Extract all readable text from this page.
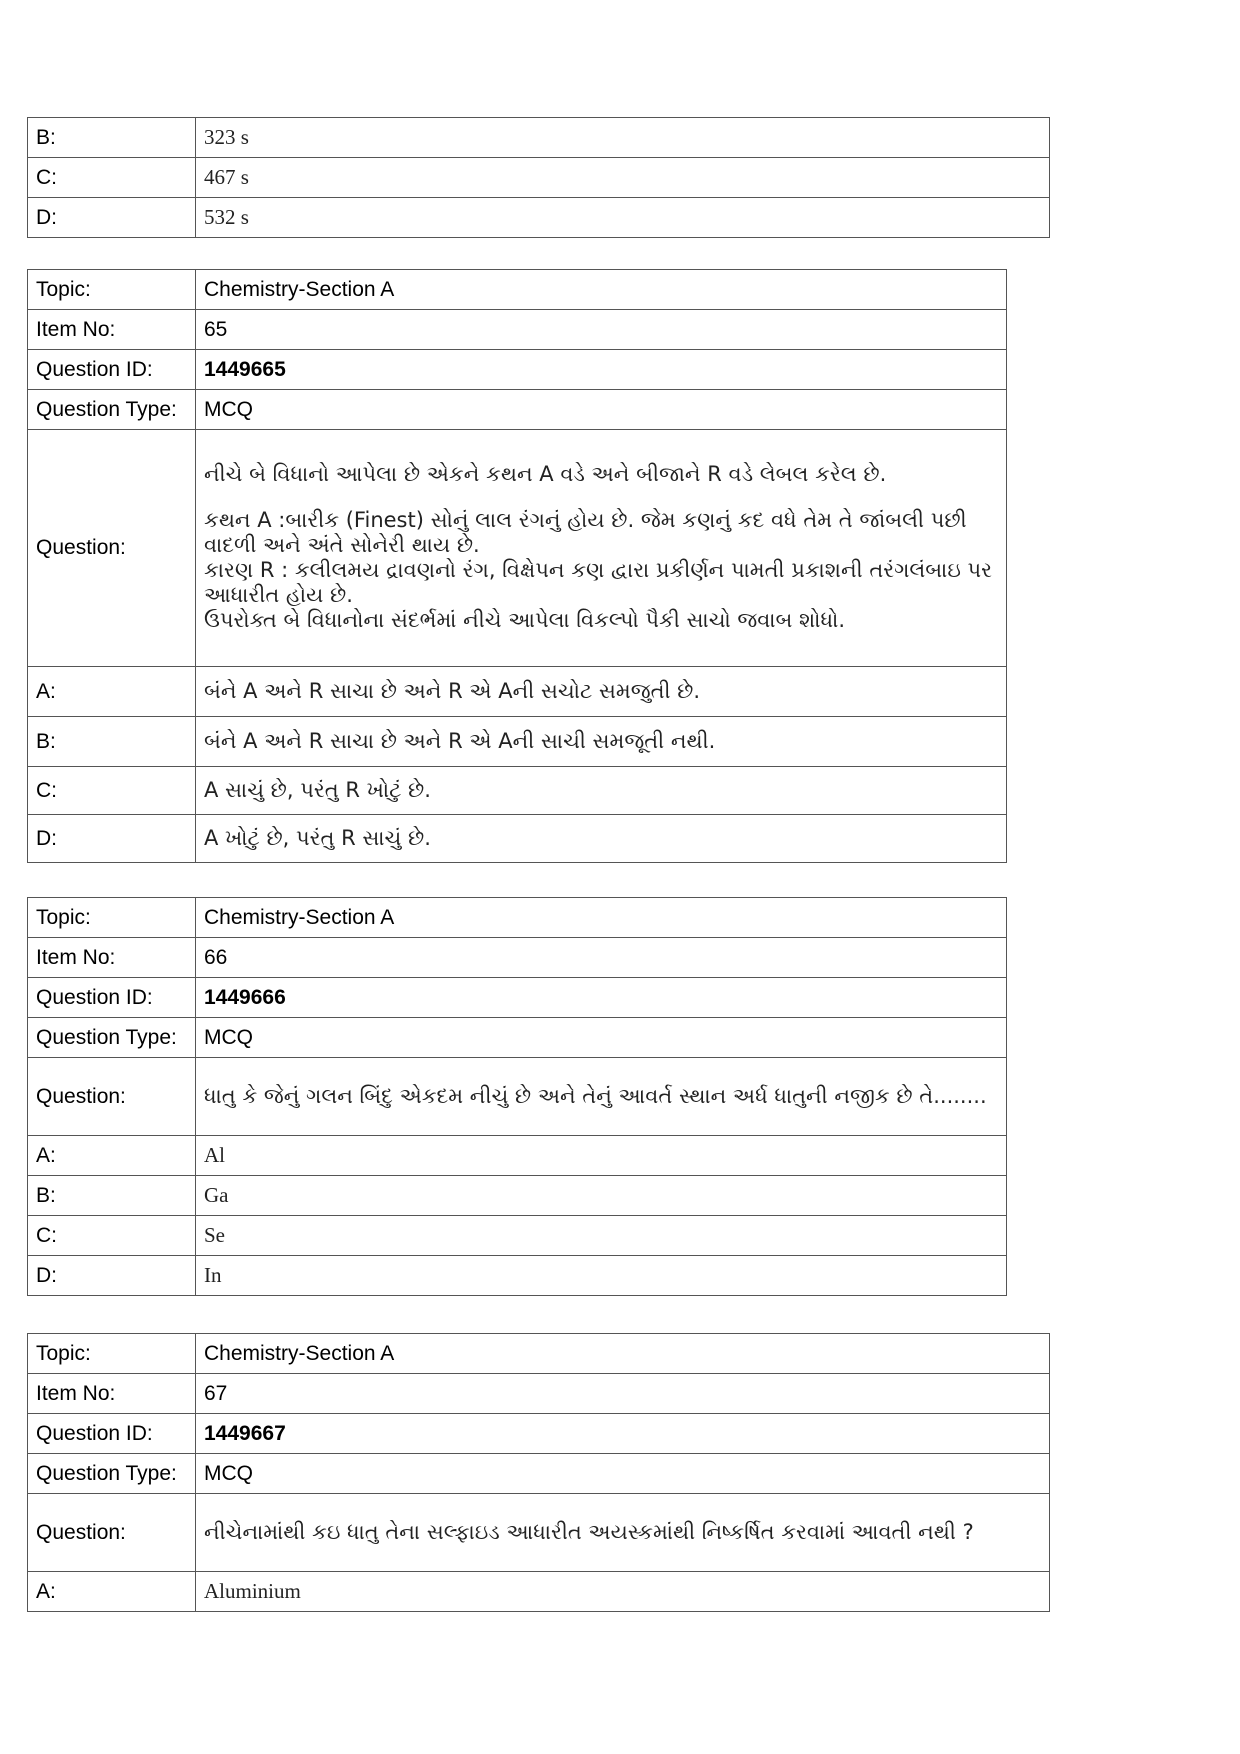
B:	323 s
C:	467 s
D:	532 s
Topic:	Chemistry-Section A
Item No:	65
Question ID:	1449665
Question Type:	MCQ
Question:	નીચે બે વિધાનો આપેલા છે એકને કથન A વડે અને બીજાને R વડે લેબલ કરેલ છે.

કથન A :બારીક (Finest) સોનું લાલ રંગનું હોય છે. જેમ કણનું કદ વધે તેમ તે જાંબલી પછી વાદળી અને અંતે સોનેરી થાય છે.

કારણ R : કલીલમય દ્રાવણનો રંગ, વિક્ષેપન કણ દ્વારા પ્રકીર્ણન પામતી પ્રકાશની તરંગલંબાઇ પર આધારીત હોય છે.

ઉપરોક્ત બે વિધાનોના સંદર્ભમાં નીચે આપેલા વિકલ્પો પૈકી સાચો જવાબ શોધો.

A:	બંને A અને R સાચા છે અને R એ Aની સચોટ સમજુતી છે.
B:	બંને A અને R સાચા છે અને R એ Aની સાચી સમજૂતી નથી.
C:	A સાચું છે, પરંતુ R ખોટું છે.
D:	A ખોટું છે, પરંતુ R સાચું છે.
Topic:	Chemistry-Section A
Item No:	66
Question ID:	1449666
Question Type:	MCQ
Question:	ધાતુ કે જેનું ગલન બિંદુ એકદમ નીચું છે અને તેનું આવર્ત સ્થાન અર્ધ ધાતુની નજીક છે તે........
A:	Al
B:	Ga
C:	Se
D:	In
Topic:	Chemistry-Section A
Item No:	67
Question ID:	1449667
Question Type:	MCQ
Question:	નીચેનામાંથી કઇ ધાતુ તેના સલ્ફાઇડ આધારીત અયસ્કમાંથી નિષ્કર્ષિત કરવામાં આવતી નથી ?
A:	Aluminium
